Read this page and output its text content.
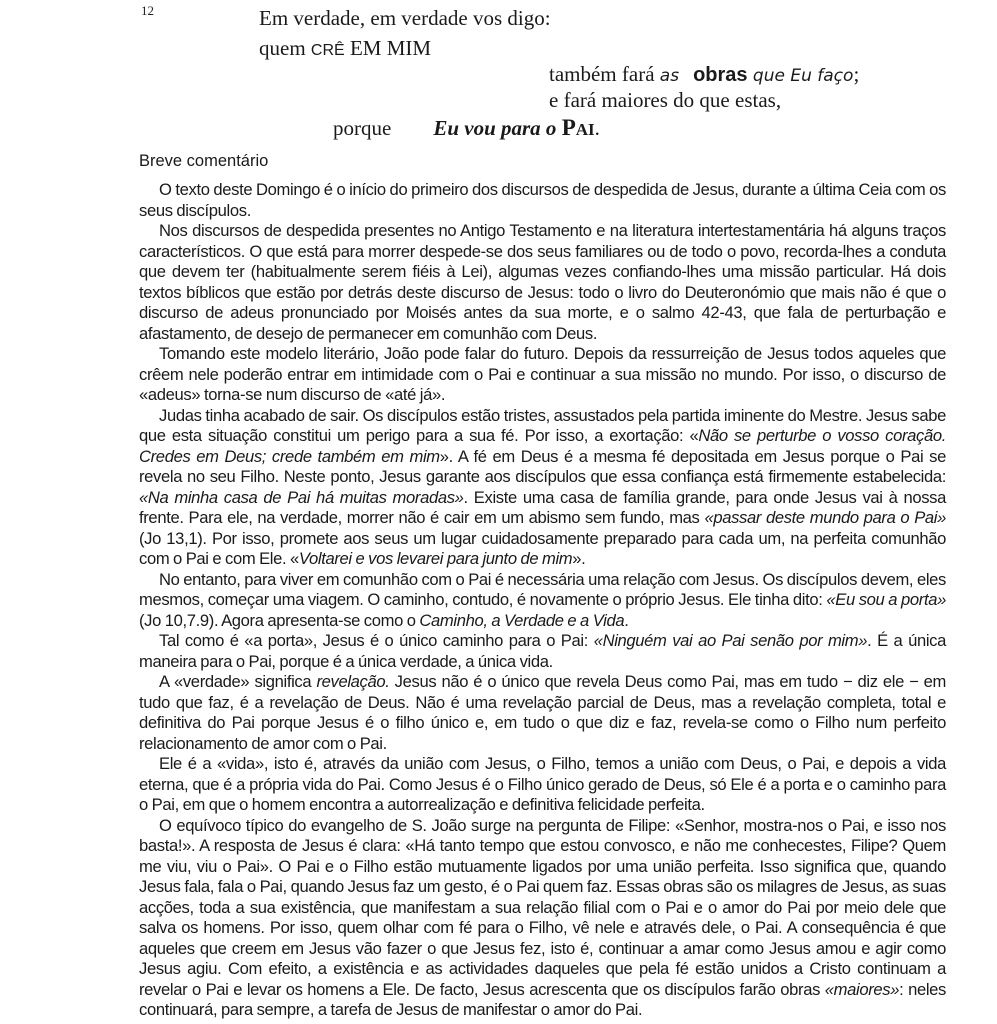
12	Em verdade, em verdade vos digo:
quem CRÊ EM MIM
também fará as obras que Eu faço;
e fará maiores do que estas,
porque Eu vou para o PAI.
Breve comentário

O texto deste Domingo é o início do primeiro dos discursos de despedida de Jesus, durante a última Ceia com os seus discípulos.

Nos discursos de despedida presentes no Antigo Testamento e na literatura intertestamentária há alguns traços característicos. O que está para morrer despede-se dos seus familiares ou de todo o povo, recorda-lhes a conduta que devem ter (habitualmente serem fiéis à Lei), algumas vezes confiando-lhes uma missão particular. Há dois textos bíblicos que estão por detrás deste discurso de Jesus: todo o livro do Deuteronómio que mais não é que o discurso de adeus pronunciado por Moisés antes da sua morte, e o salmo 42-43, que fala de perturbação e afastamento, de desejo de permanecer em comunhão com Deus.

Tomando este modelo literário, João pode falar do futuro. Depois da ressurreição de Jesus todos aqueles que crêem nele poderão entrar em intimidade com o Pai e continuar a sua missão no mundo. Por isso, o discurso de «adeus» torna-se num discurso de «até já».

Judas tinha acabado de sair. Os discípulos estão tristes, assustados pela partida iminente do Mestre. Jesus sabe que esta situação constitui um perigo para a sua fé. Por isso, a exortação: «Não se perturbe o vosso coração. Credes em Deus; crede também em mim». A fé em Deus é a mesma fé depositada em Jesus porque o Pai se revela no seu Filho. Neste ponto, Jesus garante aos discípulos que essa confiança está firmemente estabelecida: «Na minha casa de Pai há muitas moradas». Existe uma casa de família grande, para onde Jesus vai à nossa frente. Para ele, na verdade, morrer não é cair em um abismo sem fundo, mas «passar deste mundo para o Pai» (Jo 13,1). Por isso, promete aos seus um lugar cuidadosamente preparado para cada um, na perfeita comunhão com o Pai e com Ele. «Voltarei e vos levarei para junto de mim».

No entanto, para viver em comunhão com o Pai é necessária uma relação com Jesus. Os discípulos devem, eles mesmos, começar uma viagem. O caminho, contudo, é novamente o próprio Jesus. Ele tinha dito: «Eu sou a porta» (Jo 10,7.9). Agora apresenta-se como o Caminho, a Verdade e a Vida.

Tal como é «a porta», Jesus é o único caminho para o Pai: «Ninguém vai ao Pai senão por mim». É a única maneira para o Pai, porque é a única verdade, a única vida.

A «verdade» significa revelação. Jesus não é o único que revela Deus como Pai, mas em tudo − diz ele − em tudo que faz, é a revelação de Deus. Não é uma revelação parcial de Deus, mas a revelação completa, total e definitiva do Pai porque Jesus é o filho único e, em tudo o que diz e faz, revela-se como o Filho num perfeito relacionamento de amor com o Pai.

Ele é a «vida», isto é, através da união com Jesus, o Filho, temos a união com Deus, o Pai, e depois a vida eterna, que é a própria vida do Pai. Como Jesus é o Filho único gerado de Deus, só Ele é a porta e o caminho para o Pai, em que o homem encontra a autorrealização e definitiva felicidade perfeita.

O equívoco típico do evangelho de S. João surge na pergunta de Filipe: «Senhor, mostra-nos o Pai, e isso nos basta!». A resposta de Jesus é clara: «Há tanto tempo que estou convosco, e não me conhecestes, Filipe? Quem me viu, viu o Pai». O Pai e o Filho estão mutuamente ligados por uma união perfeita. Isso significa que, quando Jesus fala, fala o Pai, quando Jesus faz um gesto, é o Pai quem faz. Essas obras são os milagres de Jesus, as suas acções, toda a sua existência, que manifestam a sua relação filial com o Pai e o amor do Pai por meio dele que salva os homens. Por isso, quem olhar com fé para o Filho, vê nele e através dele, o Pai. A consequência é que aqueles que creem em Jesus vão fazer o que Jesus fez, isto é, continuar a amar como Jesus amou e agir como Jesus agiu. Com efeito, a existência e as actividades daqueles que pela fé estão unidos a Cristo continuam a revelar o Pai e levar os homens a Ele. De facto, Jesus acrescenta que os discípulos farão obras «maiores»: neles continuará, para sempre, a tarefa de Jesus de manifestar o amor do Pai.
